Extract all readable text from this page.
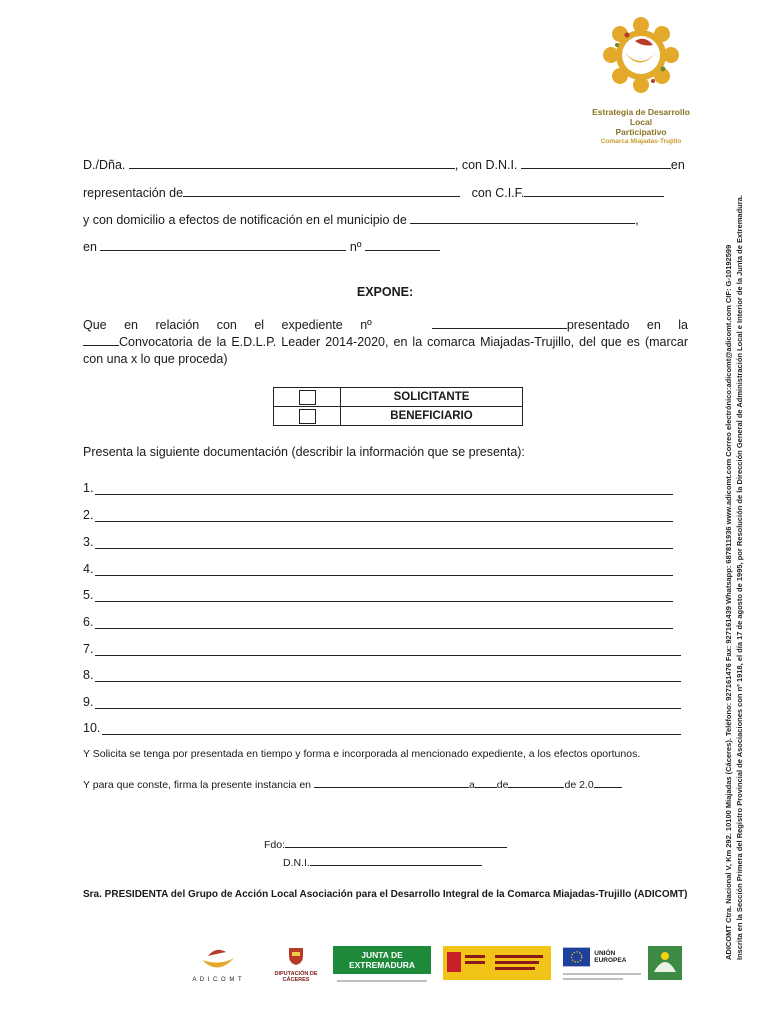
Estrategia de Desarrollo Local
Participativo
Comarca Miajadas-Trujillo
D./Dña.	, con D.N.I.	en
representación de	con C.I.F.
y con domicilio a efectos de notificación en el municipio de	,
en	nº
EXPONE:
Que en relación con el expediente nº	presentado en la
Convocatoria de la E.D.L.P. Leader 2014-2020, en la comarca Miajadas-Trujillo, del que es (marcar con una x lo que proceda)
	SOLICITANTE
	BENEFICIARIO
Presenta la siguiente documentación (describir la información que se presenta):
1.
2.
3.
4.
5.
6.
7.
8.
9.
10.
Y Solicita se tenga por presentada en tiempo y forma e incorporada al mencionado expediente, a los efectos oportunos.
Y para que conste, firma la presente instancia en	a de	de 2.0
Fdo:
D.N.I.
Sra. PRESIDENTA del Grupo de Acción Local Asociación para el Desarrollo Integral de la Comarca Miajadas-Trujillo (ADICOMT)	ADICOMT Ctra. Nacional V, Km 292. 10100 Miajadas (Cáceres). Teléfono: 927161476 Fax: 927161439 Whatsapp: 687811936 www.adicomt.com Correo electrónico:adicomt@adicomt.com CIF: G-10192599 Inscrita en la Sección Primera del Registro Provincial de Asociaciones con nº 1918, el día 17 de agosto de 1995, por Resolución de la Dirección General de Administración Local e Interior de la Junta de Extremadura.
A D I C O M T
DIPUTACIÓN DE CÁCERES
JUNTA DE EXTREMADURA
UNIÓN EUROPEA
